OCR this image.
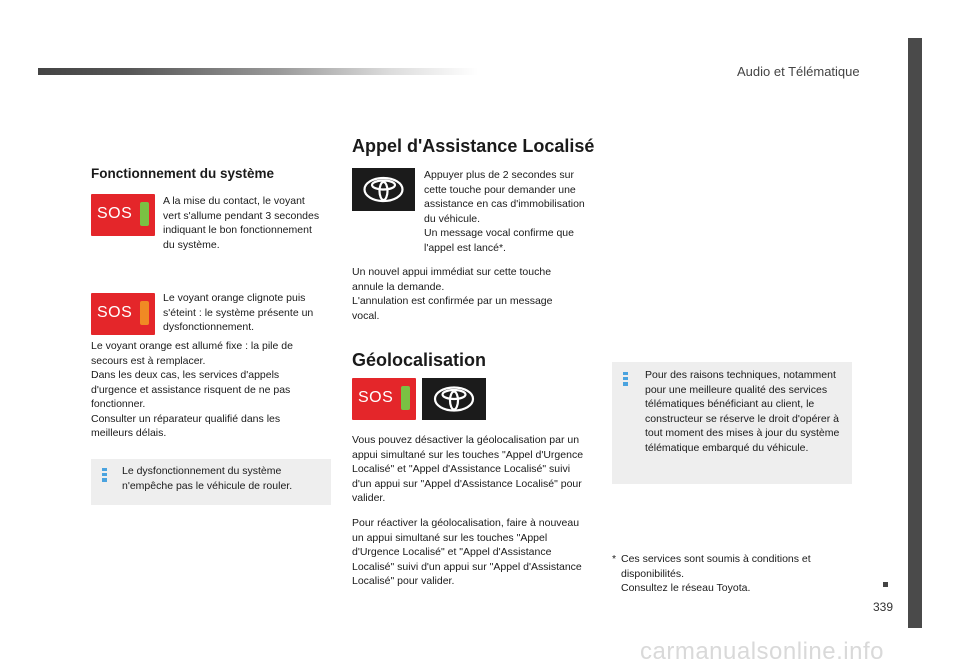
Audio et Télématique
339
Fonctionnement du système
SOS
A la mise du contact, le voyant vert s'allume pendant 3 secondes indiquant le bon fonctionnement du système.
SOS
Le voyant orange clignote puis s'éteint : le système présente un dysfonctionnement.
Le voyant orange est allumé fixe : la pile de secours est à remplacer.
Dans les deux cas, les services d'appels d'urgence et assistance risquent de ne pas fonctionner.
Consulter un réparateur qualifié dans les meilleurs délais.
Le dysfonctionnement du système n'empêche pas le véhicule de rouler.
Appel d'Assistance Localisé
Appuyer plus de 2 secondes sur cette touche pour demander une assistance en cas d'immobilisation du véhicule.
Un message vocal confirme que l'appel est lancé*.
Un nouvel appui immédiat sur cette touche annule la demande.
L'annulation est confirmée par un message vocal.
Géolocalisation
SOS
Vous pouvez désactiver la géolocalisation par un appui simultané sur les touches "Appel d'Urgence Localisé" et "Appel d'Assistance Localisé" suivi d'un appui sur "Appel d'Assistance Localisé" pour valider.
Pour réactiver la géolocalisation, faire à nouveau un appui simultané sur les touches "Appel d'Urgence Localisé" et "Appel d'Assistance Localisé" suivi d'un appui sur "Appel d'Assistance Localisé" pour valider.
Pour des raisons techniques, notamment pour une meilleure qualité des services télématiques bénéficiant au client, le constructeur se réserve le droit d'opérer à tout moment des mises à jour du système télématique embarqué du véhicule.
* Ces services sont soumis à conditions et disponibilités.
Consultez le réseau Toyota.
carmanualsonline.info
